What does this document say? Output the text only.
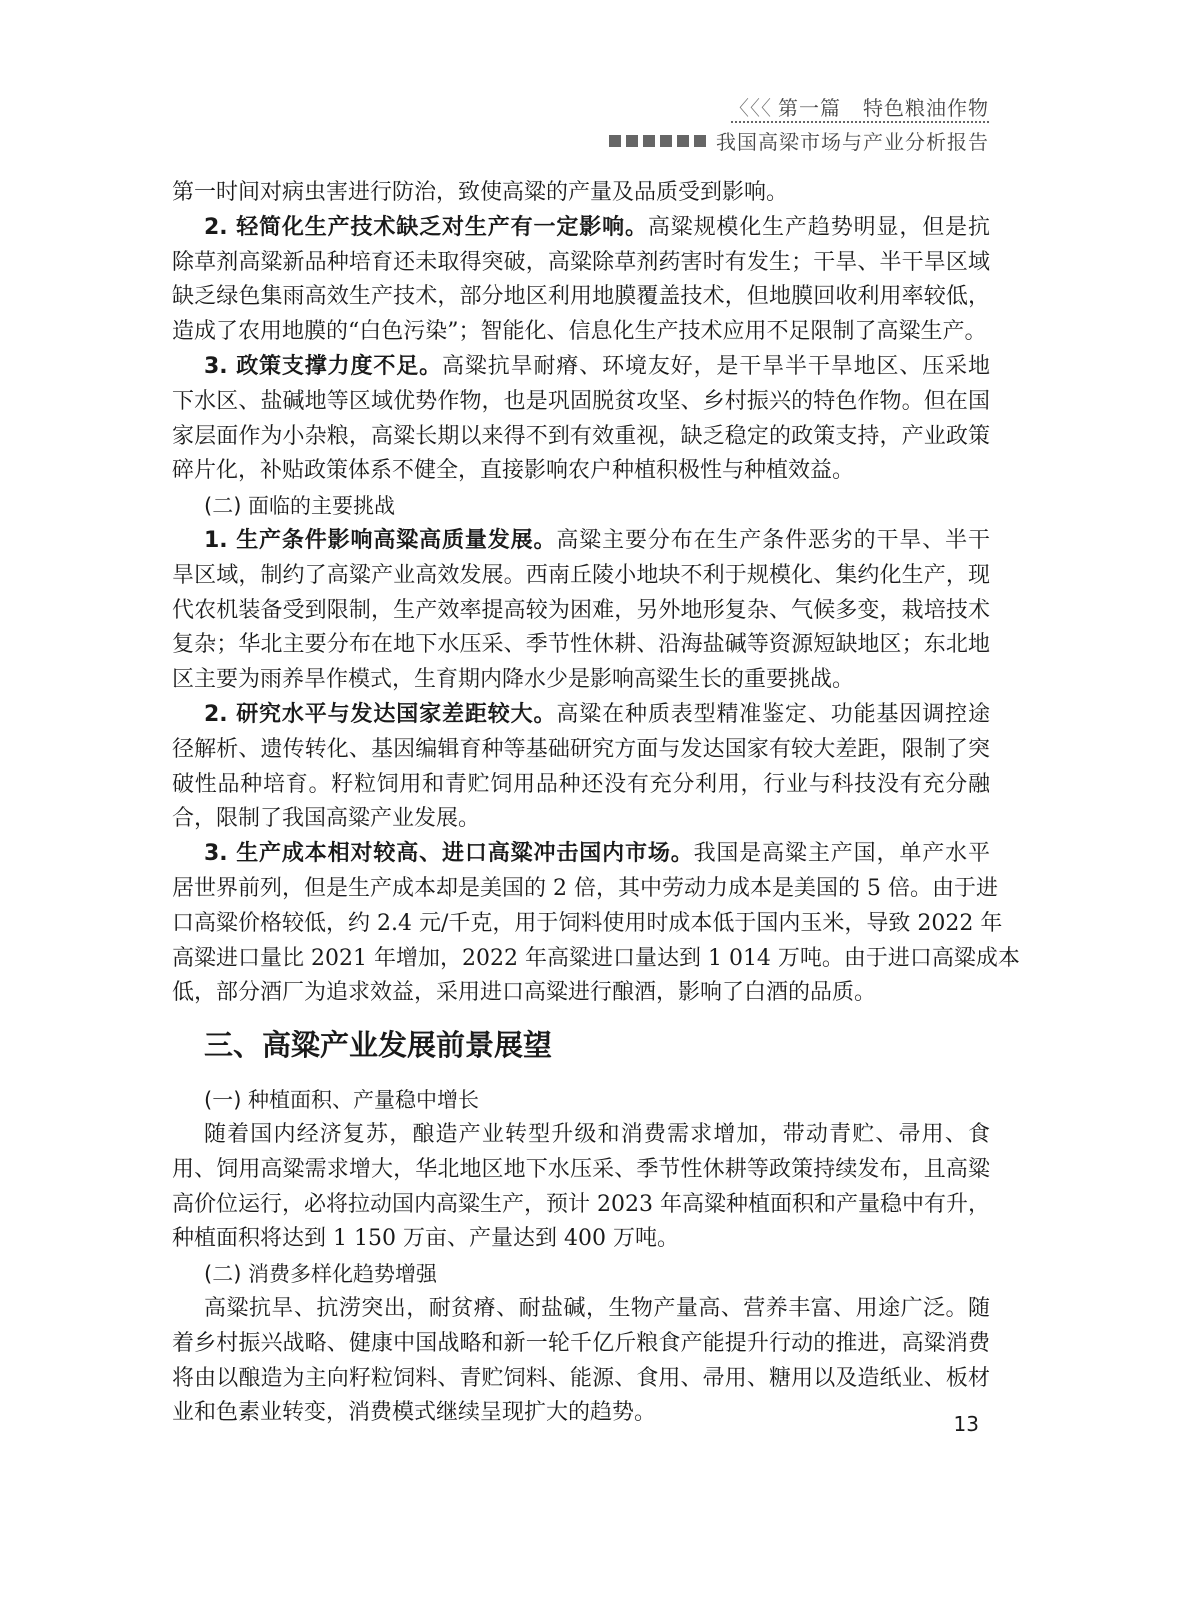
〈〈〈 第一篇 特色粮油作物
我国高梁市场与产业分析报告
第一时间对病虫害进行防治，致使高粱的产量及品质受到影响。
2. 轻简化生产技术缺乏对生产有一定影响。高粱规模化生产趋势明显，但是抗
除草剂高粱新品种培育还未取得突破，高粱除草剂药害时有发生；干旱、半干旱区域
缺乏绿色集雨高效生产技术，部分地区利用地膜覆盖技术，但地膜回收利用率较低，
造成了农用地膜的“白色污染”；智能化、信息化生产技术应用不足限制了高粱生产。
3. 政策支撑力度不足。高粱抗旱耐瘠、环境友好，是干旱半干旱地区、压采地
下水区、盐碱地等区域优势作物，也是巩固脱贫攻坚、乡村振兴的特色作物。但在国
家层面作为小杂粮，高粱长期以来得不到有效重视，缺乏稳定的政策支持，产业政策
碎片化，补贴政策体系不健全，直接影响农户种植积极性与种植效益。
(二) 面临的主要挑战
1. 生产条件影响高粱高质量发展。高粱主要分布在生产条件恶劣的干旱、半干
旱区域，制约了高粱产业高效发展。西南丘陵小地块不利于规模化、集约化生产，现
代农机装备受到限制，生产效率提高较为困难，另外地形复杂、气候多变，栽培技术
复杂；华北主要分布在地下水压采、季节性休耕、沿海盐碱等资源短缺地区；东北地
区主要为雨养旱作模式，生育期内降水少是影响高粱生长的重要挑战。
2. 研究水平与发达国家差距较大。高粱在种质表型精准鉴定、功能基因调控途
径解析、遗传转化、基因编辑育种等基础研究方面与发达国家有较大差距，限制了突
破性品种培育。籽粒饲用和青贮饲用品种还没有充分利用，行业与科技没有充分融
合，限制了我国高粱产业发展。
3. 生产成本相对较高、进口高粱冲击国内市场。我国是高粱主产国，单产水平
居世界前列，但是生产成本却是美国的 2 倍，其中劳动力成本是美国的 5 倍。由于进
口高粱价格较低，约 2.4 元/千克，用于饲料使用时成本低于国内玉米，导致 2022 年
高粱进口量比 2021 年增加，2022 年高粱进口量达到 1 014 万吨。由于进口高粱成本
低，部分酒厂为追求效益，采用进口高粱进行酿酒，影响了白酒的品质。
三、高粱产业发展前景展望
(一) 种植面积、产量稳中增长
随着国内经济复苏，酿造产业转型升级和消费需求增加，带动青贮、帚用、食
用、饲用高粱需求增大，华北地区地下水压采、季节性休耕等政策持续发布，且高粱
高价位运行，必将拉动国内高粱生产，预计 2023 年高粱种植面积和产量稳中有升，
种植面积将达到 1 150 万亩、产量达到 400 万吨。
(二) 消费多样化趋势增强
高粱抗旱、抗涝突出，耐贫瘠、耐盐碱，生物产量高、营养丰富、用途广泛。随
着乡村振兴战略、健康中国战略和新一轮千亿斤粮食产能提升行动的推进，高粱消费
将由以酿造为主向籽粒饲料、青贮饲料、能源、食用、帚用、糖用以及造纸业、板材
业和色素业转变，消费模式继续呈现扩大的趋势。	13
